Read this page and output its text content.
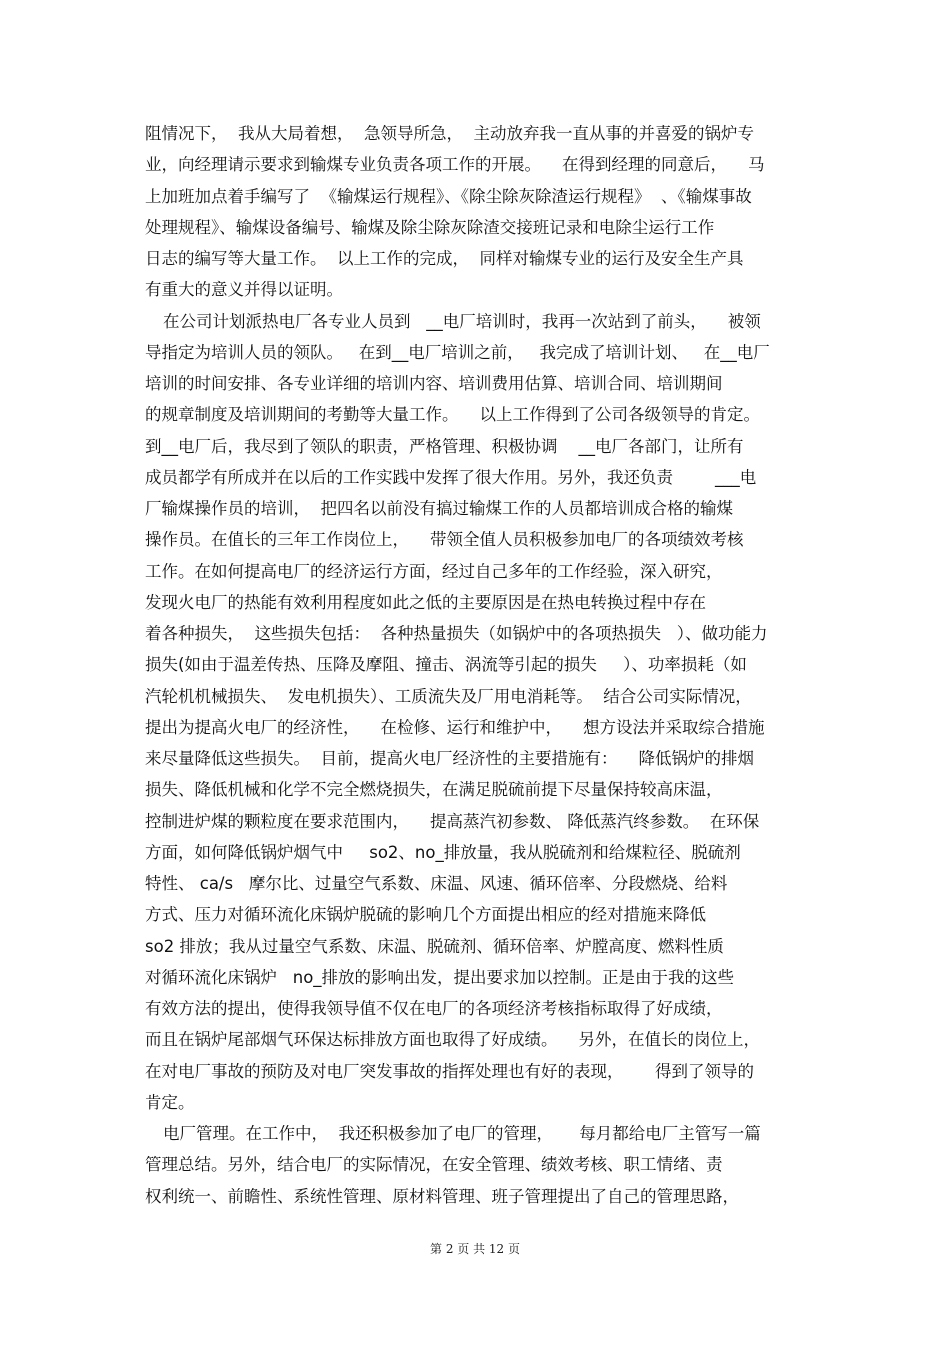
阻情况下，  我从大局着想，  急领导所急，  主动放弃我一直从事的并喜爱的锅炉专
业，向经理请示要求到输煤专业负责各项工作的开展。    在得到经理的同意后，    马
上加班加点着手编写了  《输煤运行规程》、《除尘除灰除渣运行规程》  、《输煤事故
处理规程》、输煤设备编号、输煤及除尘除灰除渣交接班记录和电除尘运行工作
日志的编写等大量工作。  以上工作的完成，  同样对输煤专业的运行及安全生产具
有重大的意义并得以证明。
在公司计划派热电厂各专业人员到   __电厂培训时，我再一次站到了前头，    被领
导指定为培训人员的领队。   在到__电厂培训之前，   我完成了培训计划、   在__电厂
培训的时间安排、各专业详细的培训内容、培训费用估算、培训合同、培训期间
的规章制度及培训期间的考勤等大量工作。    以上工作得到了公司各级领导的肯定。
到__电厂后，我尽到了领队的职责，严格管理、积极协调    __电厂各部门，让所有
成员都学有所成并在以后的工作实践中发挥了很大作用。另外，我还负责        ___电
厂输煤操作员的培训，  把四名以前没有搞过输煤工作的人员都培训成合格的输煤
操作员。在值长的三年工作岗位上，    带领全值人员积极参加电厂的各项绩效考核
工作。在如何提高电厂的经济运行方面，经过自己多年的工作经验，深入研究，
发现火电厂的热能有效利用程度如此之低的主要原因是在热电转换过程中存在
着各种损失，  这些损失包括：  各种热量损失（如锅炉中的各项热损失   ）、做功能力
损失(如由于温差传热、压降及摩阻、撞击、涡流等引起的损失     ）、功率损耗（如
汽轮机机械损失、  发电机损失）、工质流失及厂用电消耗等。  结合公司实际情况，
提出为提高火电厂的经济性，    在检修、运行和维护中，    想方设法并采取综合措施
来尽量降低这些损失。  目前，提高火电厂经济性的主要措施有：    降低锅炉的排烟
损失、降低机械和化学不完全燃烧损失，在满足脱硫前提下尽量保持较高床温，
控制进炉煤的颗粒度在要求范围内，    提高蒸汽初参数、 降低蒸汽终参数。  在环保
方面，如何降低锅炉烟气中     so2、no_排放量，我从脱硫剂和给煤粒径、脱硫剂
特性、 ca/s   摩尔比、过量空气系数、床温、风速、循环倍率、分段燃烧、给料
方式、压力对循环流化床锅炉脱硫的影响几个方面提出相应的经对措施来降低
so2 排放；我从过量空气系数、床温、脱硫剂、循环倍率、炉膛高度、燃料性质
对循环流化床锅炉   no_排放的影响出发，提出要求加以控制。正是由于我的这些
有效方法的提出，使得我领导值不仅在电厂的各项经济考核指标取得了好成绩，
而且在锅炉尾部烟气环保达标排放方面也取得了好成绩。    另外，在值长的岗位上，
在对电厂事故的预防及对电厂突发事故的指挥处理也有好的表现，      得到了领导的
肯定。
电厂管理。在工作中，  我还积极参加了电厂的管理，     每月都给电厂主管写一篇
管理总结。另外，结合电厂的实际情况，在安全管理、绩效考核、职工情绪、责
权利统一、前瞻性、系统性管理、原材料管理、班子管理提出了自己的管理思路，
第 2 页 共 12 页
